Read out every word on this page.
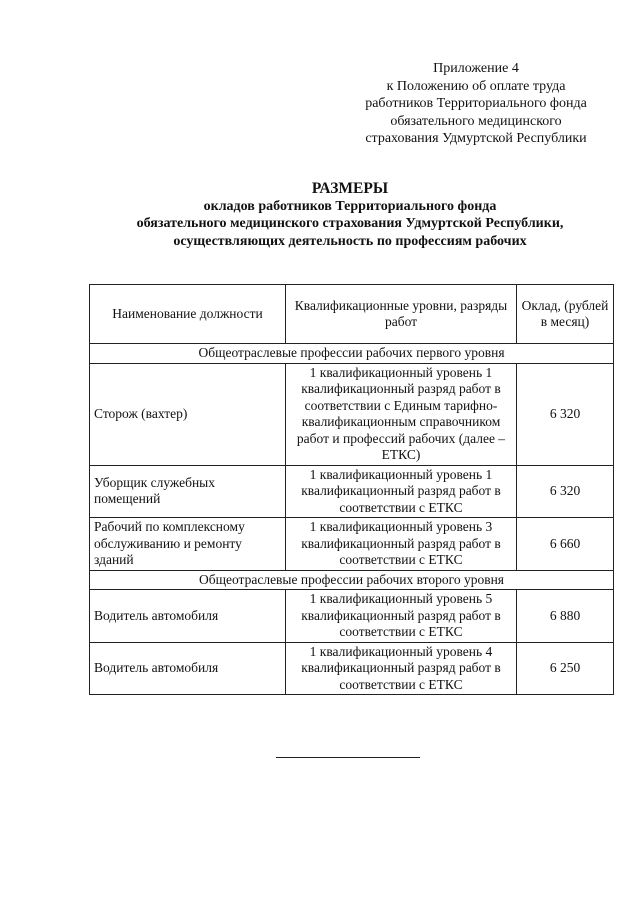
Приложение 4
к Положению об оплате труда
работников Территориального фонда
обязательного медицинского
страхования Удмуртской Республики
РАЗМЕРЫ
окладов работников Территориального фонда
обязательного медицинского страхования Удмуртской Республики,
осуществляющих деятельность по профессиям рабочих
Наименование должности	Квалификационные уровни, разряды работ	Оклад, (рублей в месяц)
Общеотраслевые профессии рабочих первого уровня		
Сторож (вахтер)	1 квалификационный уровень 1 квалификационный разряд работ в соответствии с Единым тарифно-квалификационным справочником работ и профессий рабочих (далее – ЕТКС)	6 320
Уборщик служебных помещений	1 квалификационный уровень 1 квалификационный разряд работ в соответствии с ЕТКС	6 320
Рабочий по комплексному обслуживанию и ремонту зданий	1 квалификационный уровень 3 квалификационный разряд работ в соответствии с ЕТКС	6 660
Общеотраслевые профессии рабочих второго уровня		
Водитель автомобиля	1 квалификационный уровень 5 квалификационный разряд работ в соответствии с ЕТКС	6 880
Водитель автомобиля	1 квалификационный уровень 4 квалификационный разряд работ в соответствии с ЕТКС	6 250
